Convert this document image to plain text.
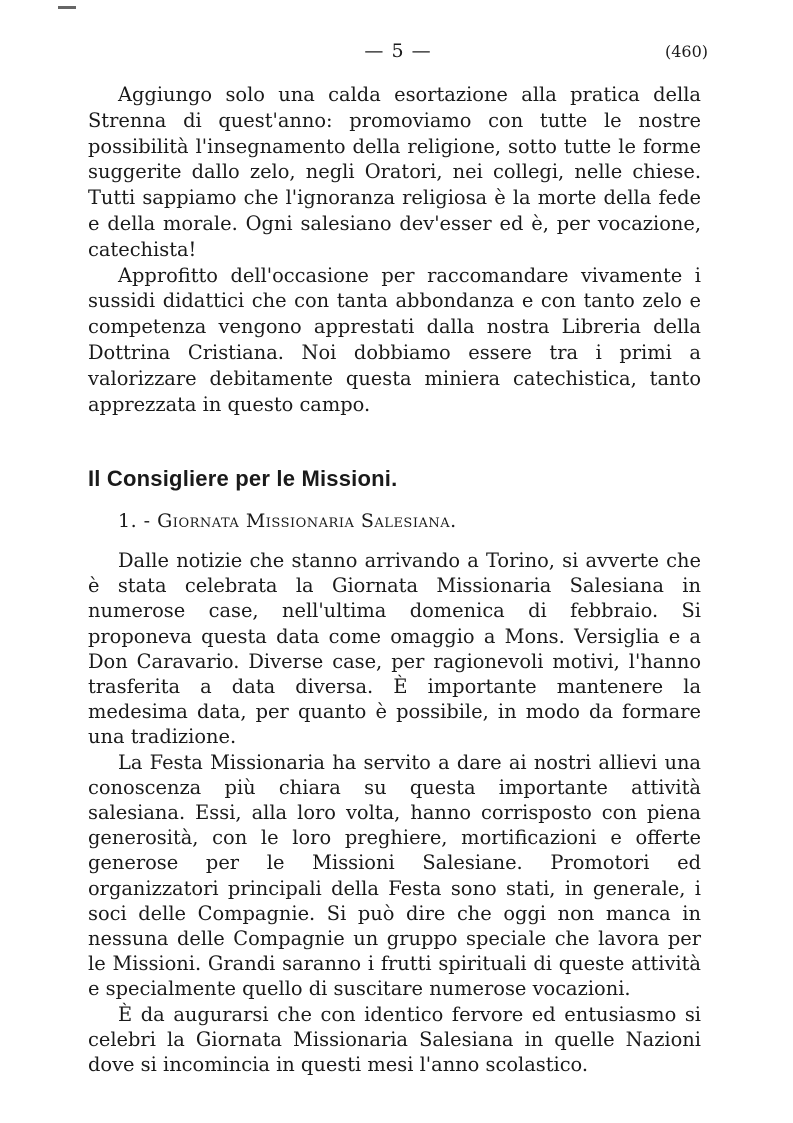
— 5 —	(460)

Aggiungo solo una calda esortazione alla pratica della Strenna di quest'anno: promoviamo con tutte le nostre possibilità l'insegnamento della religione, sotto tutte le forme suggerite dallo zelo, negli Oratori, nei collegi, nelle chiese. Tutti sappiamo che l'ignoranza religiosa è la morte della fede e della morale. Ogni salesiano dev'esser ed è, per vocazione, catechista!

Approfitto dell'occasione per raccomandare vivamente i sussidi didattici che con tanta abbondanza e con tanto zelo e competenza vengono apprestati dalla nostra Libreria della Dottrina Cristiana. Noi dobbiamo essere tra i primi a valorizzare debitamente questa miniera catechistica, tanto apprezzata in questo campo.

Il Consigliere per le Missioni.
1. - Giornata Missionaria Salesiana.

Dalle notizie che stanno arrivando a Torino, si avverte che è stata celebrata la Giornata Missionaria Salesiana in numerose case, nell'ultima domenica di febbraio. Si proponeva questa data come omaggio a Mons. Versiglia e a Don Caravario. Diverse case, per ragionevoli motivi, l'hanno trasferita a data diversa. È importante mantenere la medesima data, per quanto è possibile, in modo da formare una tradizione.

La Festa Missionaria ha servito a dare ai nostri allievi una conoscenza più chiara su questa importante attività salesiana. Essi, alla loro volta, hanno corrisposto con piena generosità, con le loro preghiere, mortificazioni e offerte generose per le Missioni Salesiane. Promotori ed organizzatori principali della Festa sono stati, in generale, i soci delle Compagnie. Si può dire che oggi non manca in nessuna delle Compagnie un gruppo speciale che lavora per le Missioni. Grandi saranno i frutti spirituali di queste attività e specialmente quello di suscitare numerose vocazioni.

È da augurarsi che con identico fervore ed entusiasmo si celebri la Giornata Missionaria Salesiana in quelle Nazioni dove si incomincia in questi mesi l'anno scolastico.
